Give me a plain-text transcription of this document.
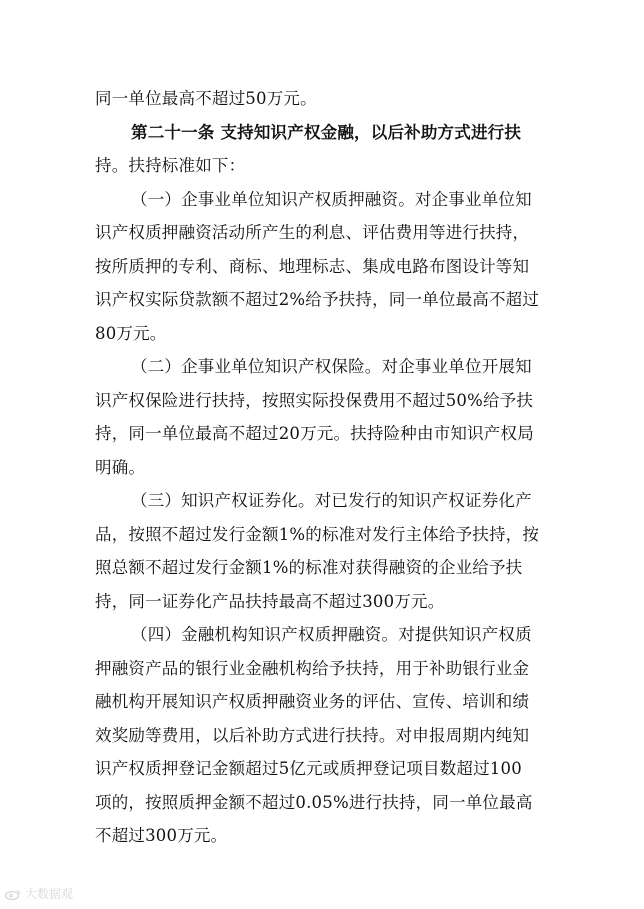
同一单位最高不超过50万元。
第二十一条 支持知识产权金融，以后补助方式进行扶
持。扶持标准如下：
（一）企事业单位知识产权质押融资。对企事业单位知
识产权质押融资活动所产生的利息、评估费用等进行扶持，
按所质押的专利、商标、地理标志、集成电路布图设计等知
识产权实际贷款额不超过2%给予扶持，同一单位最高不超过
80万元。
（二）企事业单位知识产权保险。对企事业单位开展知
识产权保险进行扶持，按照实际投保费用不超过50%给予扶
持，同一单位最高不超过20万元。扶持险种由市知识产权局
明确。
（三）知识产权证券化。对已发行的知识产权证券化产
品，按照不超过发行金额1%的标准对发行主体给予扶持，按
照总额不超过发行金额1%的标准对获得融资的企业给予扶
持，同一证券化产品扶持最高不超过300万元。
（四）金融机构知识产权质押融资。对提供知识产权质
押融资产品的银行业金融机构给予扶持，用于补助银行业金
融机构开展知识产权质押融资业务的评估、宣传、培训和绩
效奖励等费用，以后补助方式进行扶持。对申报周期内纯知
识产权质押登记金额超过5亿元或质押登记项目数超过100
项的，按照质押金额不超过0.05%进行扶持，同一单位最高
不超过300万元。
大数据观
